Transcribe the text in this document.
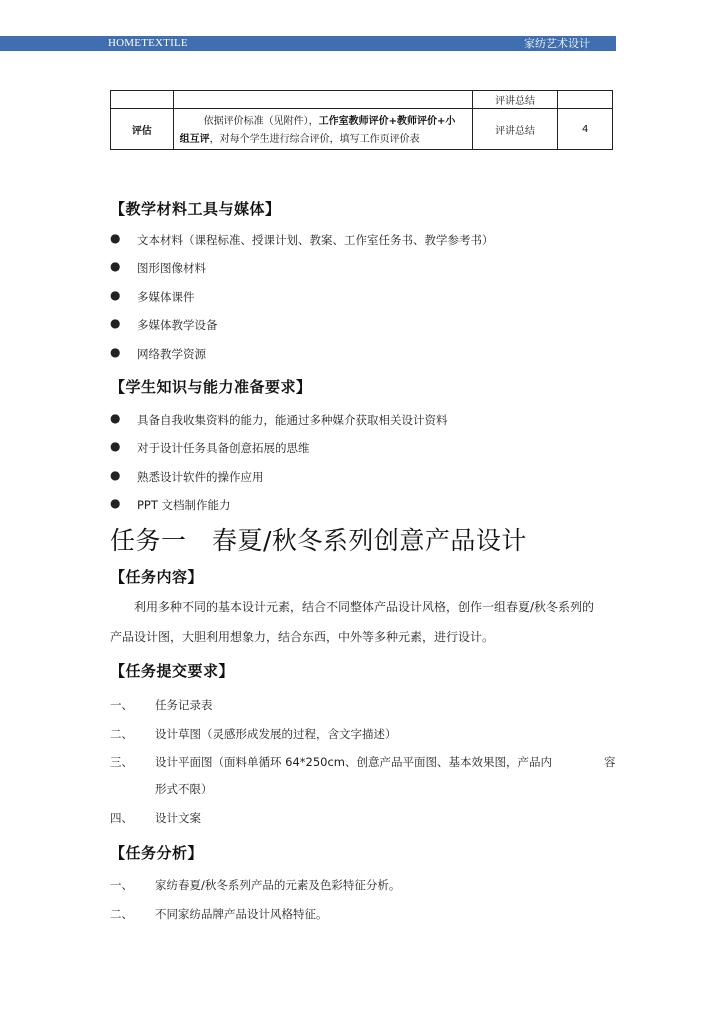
HOMETEXTILE	家纺艺术设计
		评讲总结	
评估	依据评价标准（见附件），工作室教师评价+教师评价+小
组互评，对每个学生进行综合评价，填写工作页评价表	评讲总结	4
【教学材料工具与媒体】
● 文本材料（课程标准、授课计划、教案、工作室任务书、教学参考书）
● 图形图像材料
● 多媒体课件
● 多媒体教学设备
● 网络教学资源
【学生知识与能力准备要求】
● 具备自我收集资料的能力，能通过多种媒介获取相关设计资料
● 对于设计任务具备创意拓展的思维
● 熟悉设计软件的操作应用
● PPT 文档制作能力
任务一　春夏/秋冬系列创意产品设计
【任务内容】
利用多种不同的基本设计元素，结合不同整体产品设计风格，创作一组春夏/秋冬系列的
产品设计图，大胆利用想象力，结合东西，中外等多种元素，进行设计。
【任务提交要求】
一、 任务记录表
二、 设计草图（灵感形成发展的过程，含文字描述）
三、 设计平面图（面料单循环 64*250cm、创意产品平面图、基本效果图，产品内	容
形式不限）
四、 设计文案
【任务分析】
一、 家纺春夏/秋冬系列产品的元素及色彩特征分析。
二、 不同家纺品牌产品设计风格特征。
